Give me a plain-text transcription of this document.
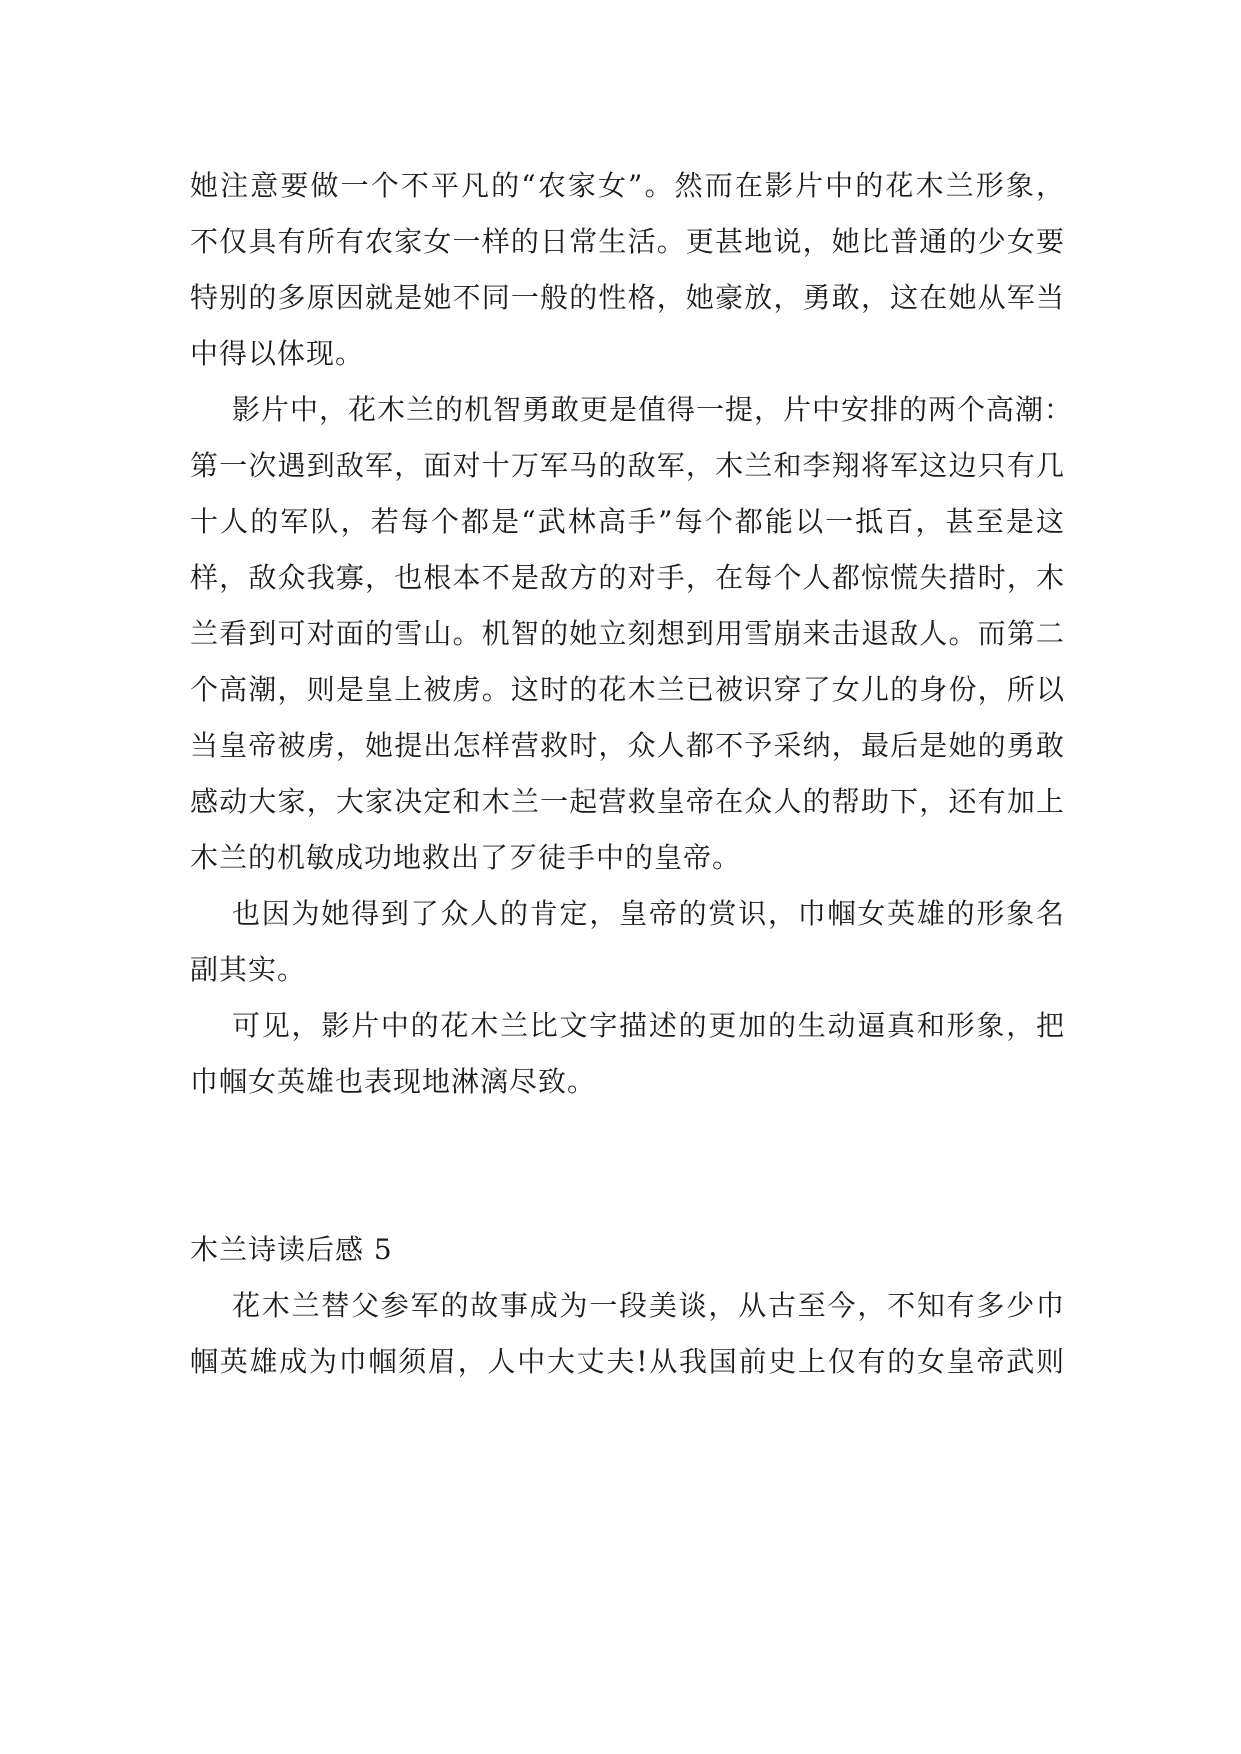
她注意要做一个不平凡的“农家女”。然而在影片中的花木兰形象，
不仅具有所有农家女一样的日常生活。更甚地说，她比普通的少女要
特别的多原因就是她不同一般的性格，她豪放，勇敢，这在她从军当
中得以体现。
影片中，花木兰的机智勇敢更是值得一提，片中安排的两个高潮：
第一次遇到敌军，面对十万军马的敌军，木兰和李翔将军这边只有几
十人的军队，若每个都是“武林高手”每个都能以一抵百，甚至是这
样，敌众我寡，也根本不是敌方的对手，在每个人都惊慌失措时，木
兰看到可对面的雪山。机智的她立刻想到用雪崩来击退敌人。而第二
个高潮，则是皇上被虏。这时的花木兰已被识穿了女儿的身份，所以
当皇帝被虏，她提出怎样营救时，众人都不予采纳，最后是她的勇敢
感动大家，大家决定和木兰一起营救皇帝在众人的帮助下，还有加上
木兰的机敏成功地救出了歹徒手中的皇帝。
也因为她得到了众人的肯定，皇帝的赏识，巾帼女英雄的形象名
副其实。
可见，影片中的花木兰比文字描述的更加的生动逼真和形象，把
巾帼女英雄也表现地淋漓尽致。
木兰诗读后感 5
花木兰替父参军的故事成为一段美谈，从古至今，不知有多少巾
帼英雄成为巾帼须眉，人中大丈夫!从我国前史上仅有的女皇帝武则
